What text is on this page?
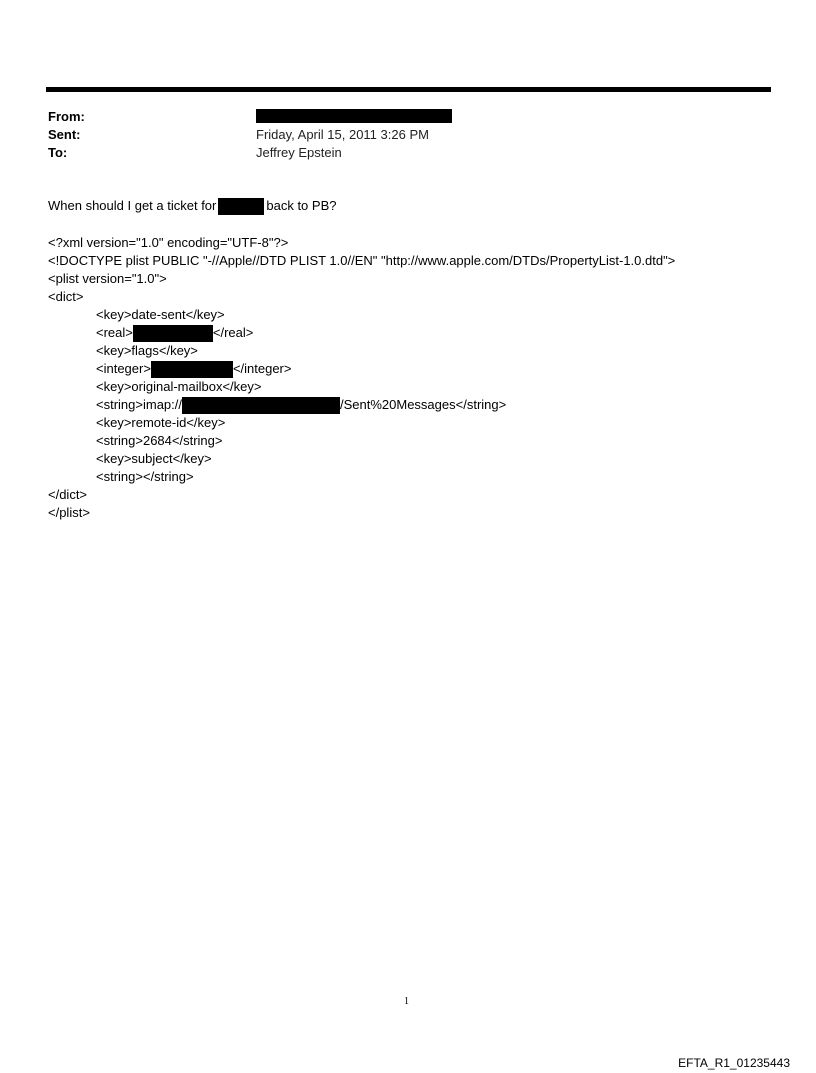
From:
Sent:	Friday, April 15, 2011 3:26 PM
To:	Jeffrey Epstein
When should I get a ticket for	back to PB?
<?xml version="1.0" encoding="UTF-8"?>
<!DOCTYPE plist PUBLIC "-//Apple//DTD PLIST 1.0//EN" "http://www.apple.com/DTDs/PropertyList-1.0.dtd">
<plist version="1.0">
<dict>
<key>date-sent</key>
<real>	</real>
<key>flags</key>
<integer>	</integer>
<key>original-mailbox</key>
<string>imap://	/Sent%20Messages</string>
<key>remote-id</key>
<string>2684</string>
<key>subject</key>
<string></string>
</dict>
</plist>
1
EFTA_R1_01235443
